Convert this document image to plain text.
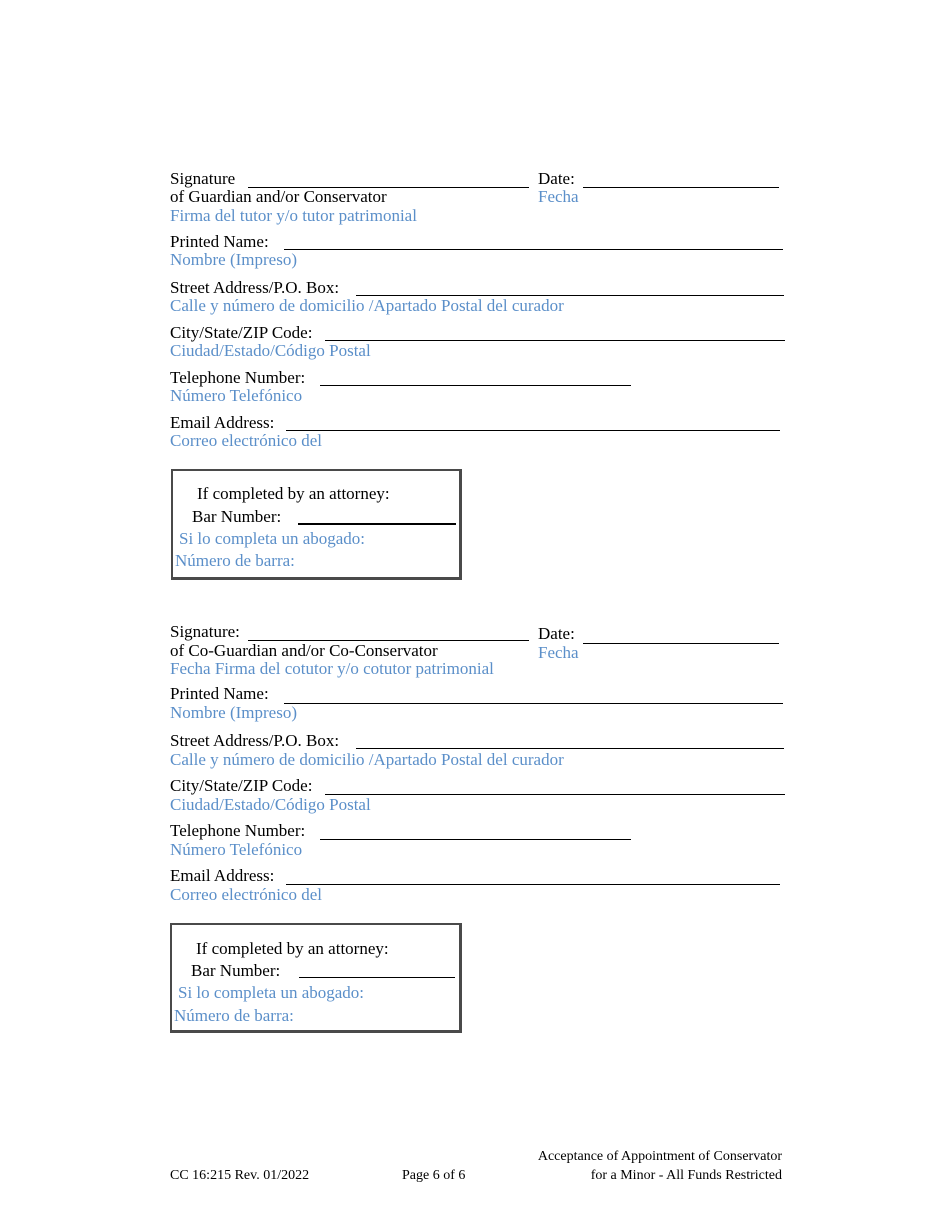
Signature
of Guardian and/or Conservator
Firma del tutor y/o tutor patrimonial
Date:
Fecha
Printed Name:
Nombre (Impreso)
Street Address/P.O. Box:
Calle y número de domicilio /Apartado Postal del curador
City/State/ZIP Code:
Ciudad/Estado/Código Postal
Telephone Number:
Número Telefónico
Email Address:
Correo electrónico del
If completed by an attorney:
Bar Number:
Si lo completa un abogado:
Número de barra:
Signature:
of Co-Guardian and/or Co-Conservator
Fecha Firma del cotutor y/o cotutor patrimonial
Date:
Fecha
Printed Name:
Nombre (Impreso)
Street Address/P.O. Box:
Calle y número de domicilio /Apartado Postal del curador
City/State/ZIP Code:
Ciudad/Estado/Código Postal
Telephone Number:
Número Telefónico
Email Address:
Correo electrónico del
If completed by an attorney:
Bar Number:
Si lo completa un abogado:
Número de barra:
CC 16:215 Rev. 01/2022	Page 6 of 6
Acceptance of Appointment of Conservator
for a Minor - All Funds Restricted
